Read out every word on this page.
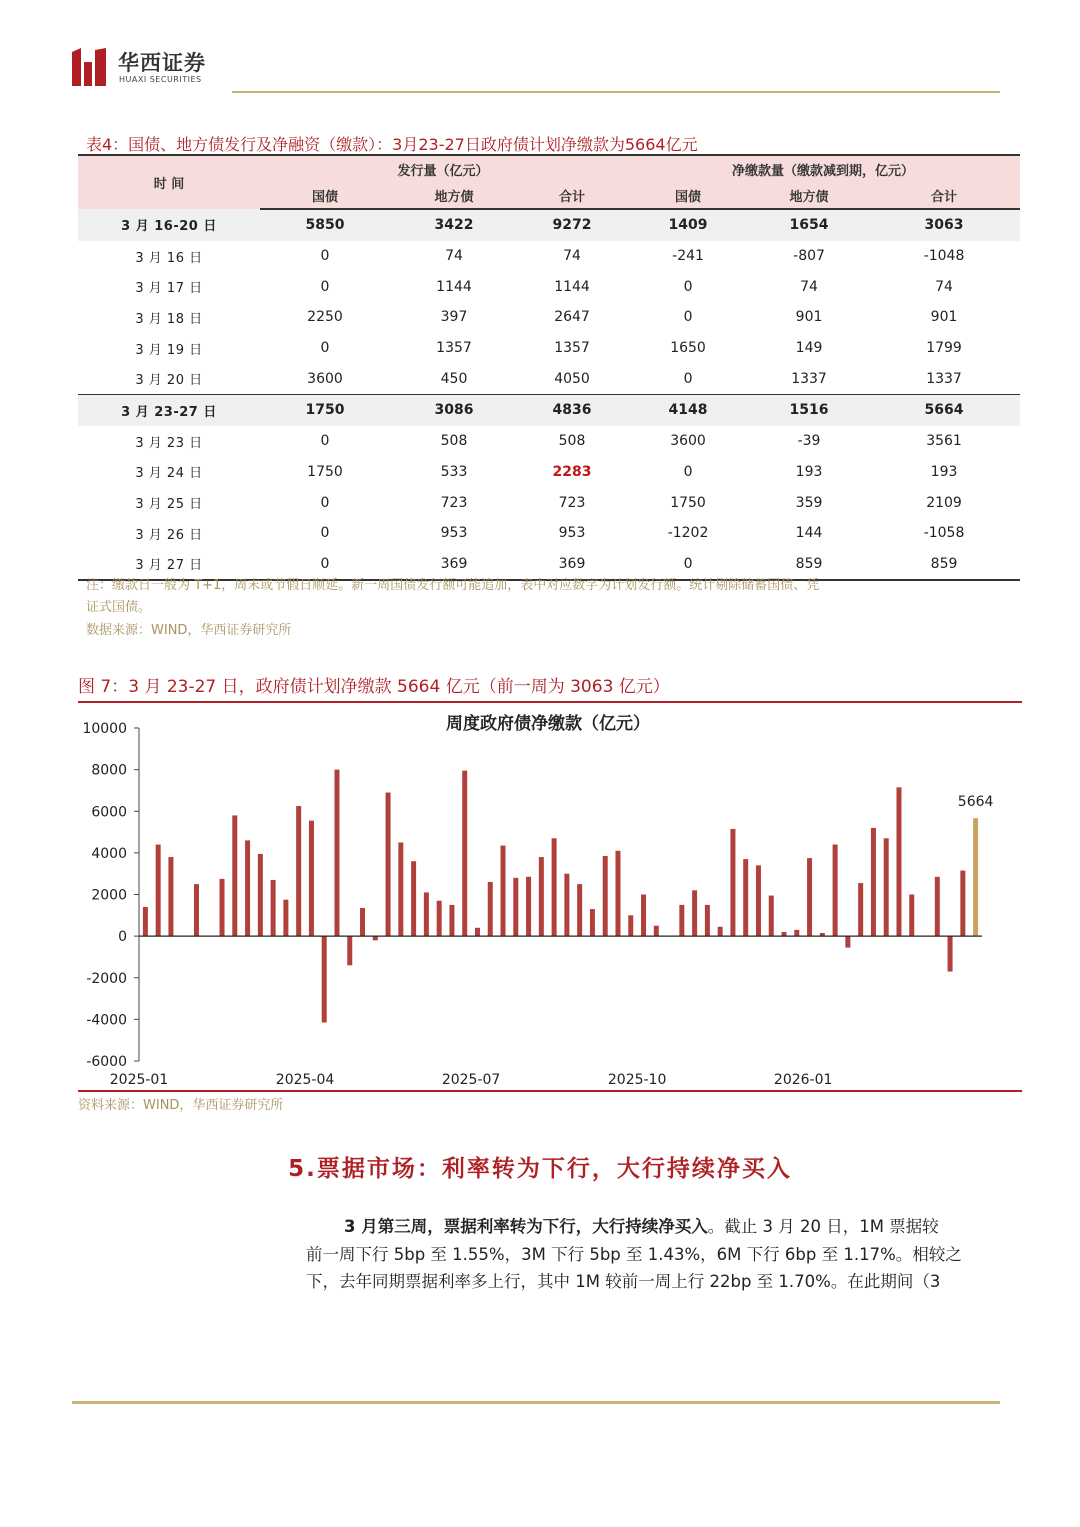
华西证券
HUAXI SECURITIES
表4：国债、地方债发行及净融资（缴款）：3月23-27日政府债计划净缴款为5664亿元
时 间	发行量（亿元）			净缴款量（缴款减到期，亿元）		
	国债	地方债	合计	国债	地方债	合计
3 月 16-20 日	5850	3422	9272	1409	1654	3063
3 月 16 日	0	74	74	-241	-807	-1048
3 月 17 日	0	1144	1144	0	74	74
3 月 18 日	2250	397	2647	0	901	901
3 月 19 日	0	1357	1357	1650	149	1799
3 月 20 日	3600	450	4050	0	1337	1337
3 月 23-27 日	1750	3086	4836	4148	1516	5664
3 月 23 日	0	508	508	3600	-39	3561
3 月 24 日	1750	533	2283	0	193	193
3 月 25 日	0	723	723	1750	359	2109
3 月 26 日	0	953	953	-1202	144	-1058
3 月 27 日	0	369	369	0	859	859
注：缴款日一般为 T+1，周末或节假日顺延。新一周国债发行额可能追加，表中对应数字为计划发行额。统计剔除储蓄国债、凭
证式国债。
数据来源：WIND，华西证券研究所
图 7：3 月 23-27 日，政府债计划净缴款 5664 亿元（前一周为 3063 亿元）
周度政府债净缴款（亿元）
10000
8000
6000
4000
2000
0
-2000
-4000
-6000
5664
2025-01	2025-04	2025-07	2025-10	2026-01
资料来源：WIND，华西证券研究所
5.票据市场：利率转为下行，大行持续净买入

3 月第三周，票据利率转为下行，大行持续净买入。截止 3 月 20 日，1M 票据较

前一周下行 5bp 至 1.55%，3M 下行 5bp 至 1.43%，6M 下行 6bp 至 1.17%。相较之

下，去年同期票据利率多上行，其中 1M 较前一周上行 22bp 至 1.70%。在此期间（3
